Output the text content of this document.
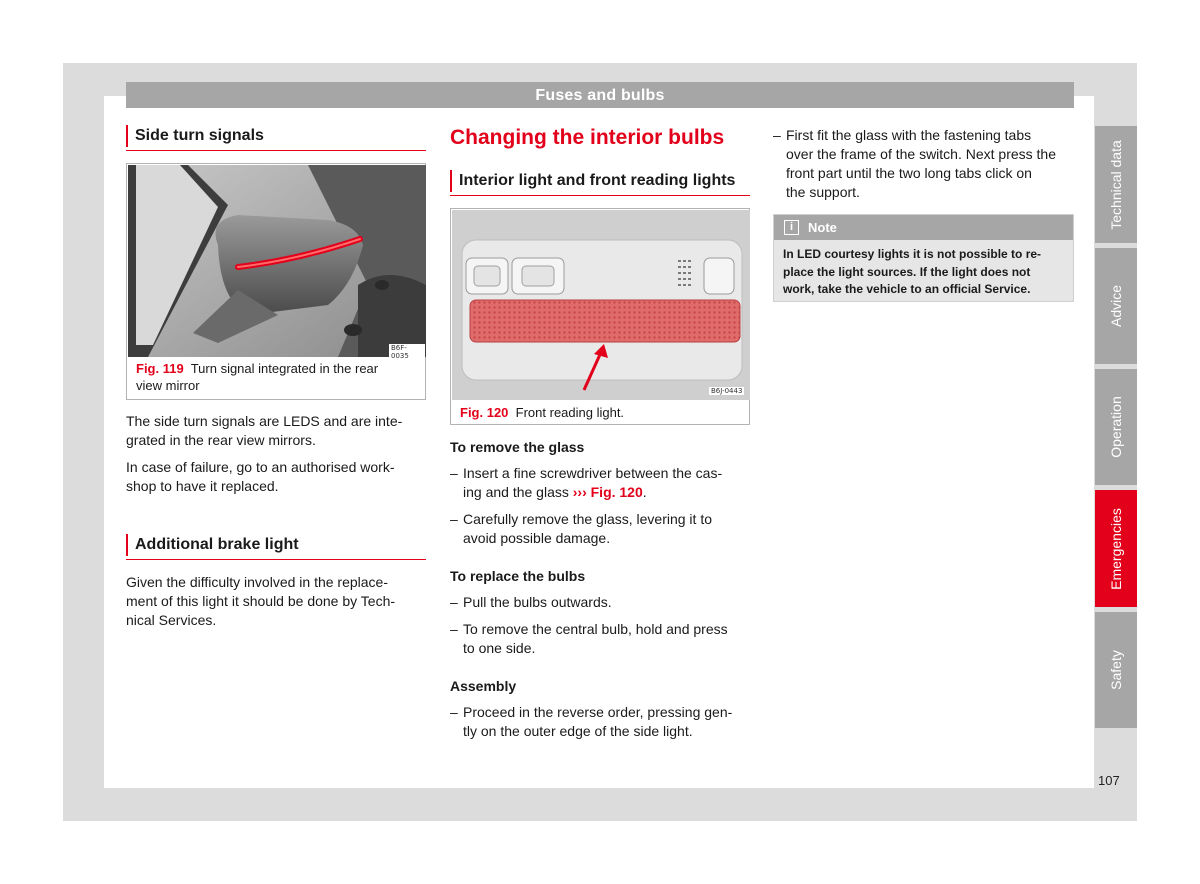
Fuses and bulbs
Side turn signals
B6F-0035
Fig. 119 Turn signal integrated in the rear
view mirror
The side turn signals are LEDS and are inte-
grated in the rear view mirrors.
In case of failure, go to an authorised work-
shop to have it replaced.
Additional brake light
Given the difficulty involved in the replace-
ment of this light it should be done by Tech-
nical Services.
Changing the interior bulbs
Interior light and front reading lights
B6J-0443
Fig. 120 Front reading light.
To remove the glass
– Insert a fine screwdriver between the cas-
ing and the glass ››› Fig. 120.
– Carefully remove the glass, levering it to
avoid possible damage.
To replace the bulbs
– Pull the bulbs outwards.
– To remove the central bulb, hold and press
to one side.
Assembly
– Proceed in the reverse order, pressing gen-
tly on the outer edge of the side light.
– First fit the glass with the fastening tabs
over the frame of the switch. Next press the
front part until the two long tabs click on
the support.
i	Note
In LED courtesy lights it is not possible to re-
place the light sources. If the light does not
work, take the vehicle to an official Service.
Technical data
Advice
Operation
Emergencies
Safety
107
